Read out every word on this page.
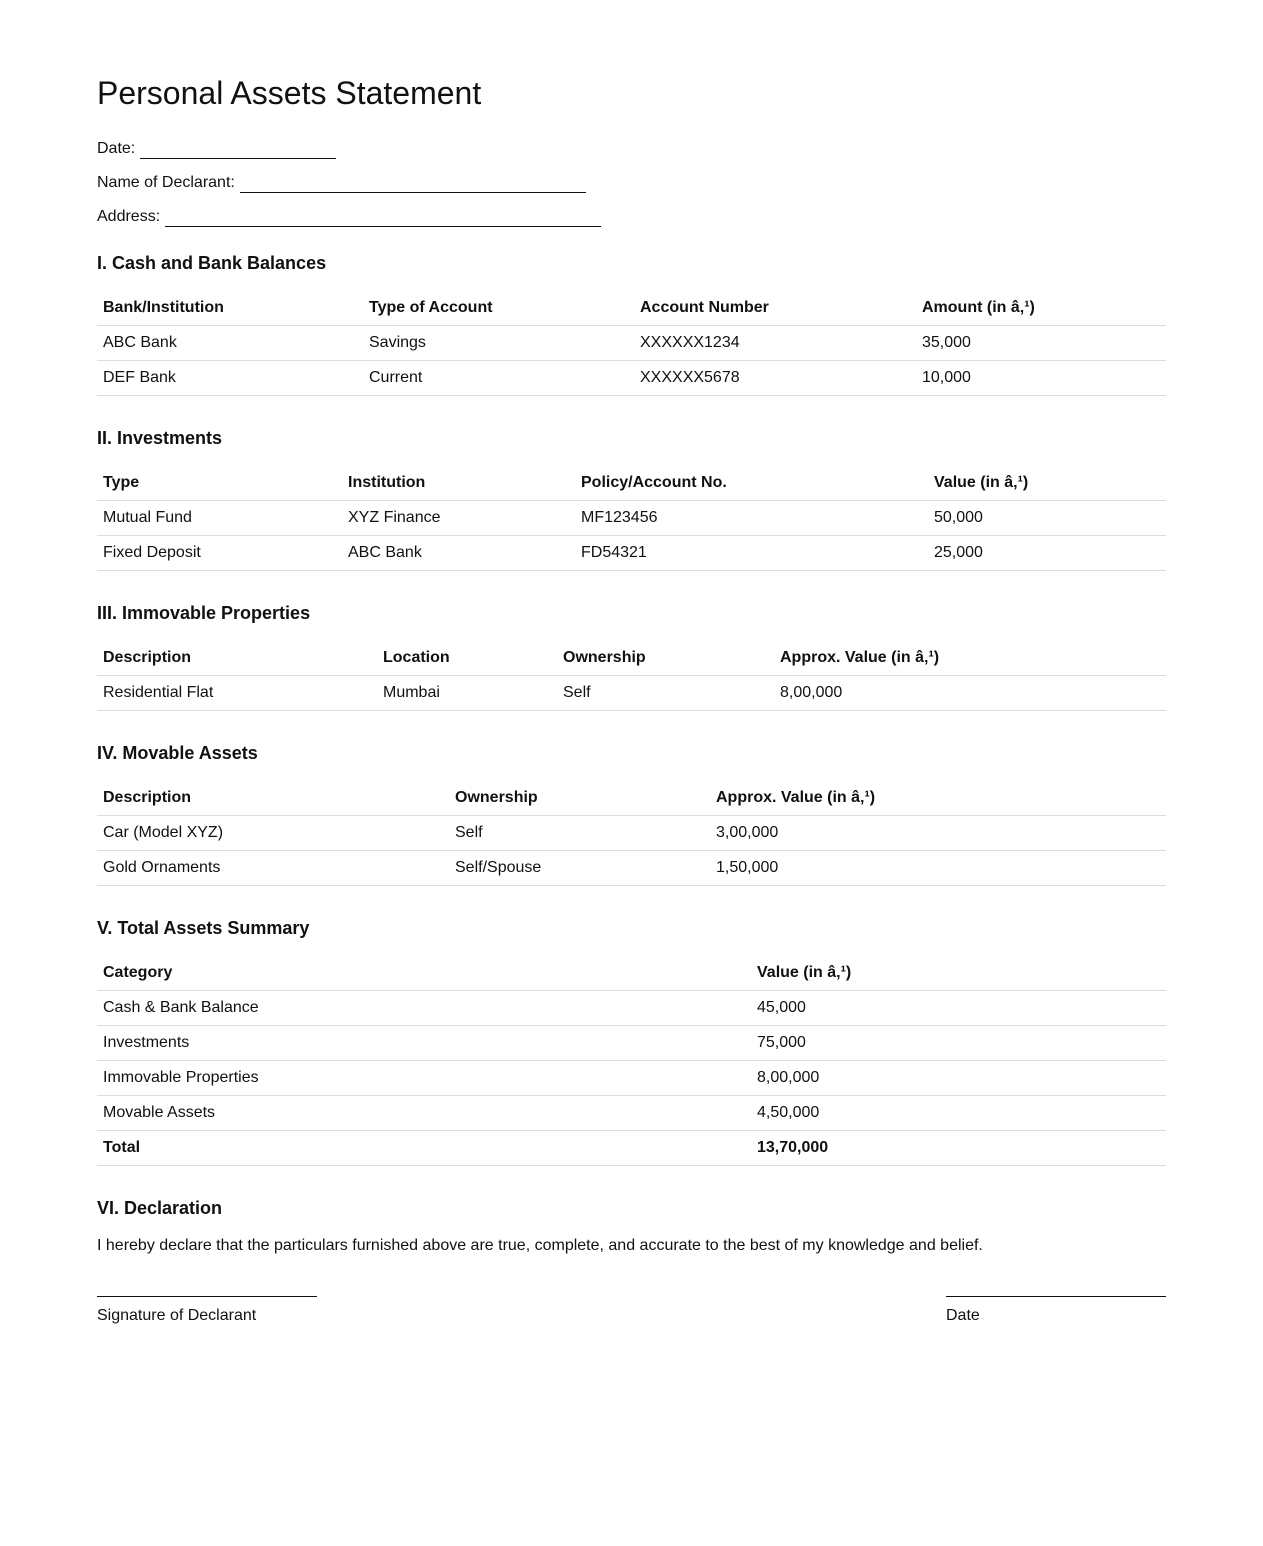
Personal Assets Statement
Date:
Name of Declarant:
Address:
I. Cash and Bank Balances
Bank/Institution	Type of Account	Account Number	Amount (in â‚¹)
ABC Bank	Savings	XXXXXX1234	35,000
DEF Bank	Current	XXXXXX5678	10,000
II. Investments
Type	Institution	Policy/Account No.	Value (in â‚¹)
Mutual Fund	XYZ Finance	MF123456	50,000
Fixed Deposit	ABC Bank	FD54321	25,000
III. Immovable Properties
Description	Location	Ownership	Approx. Value (in â‚¹)
Residential Flat	Mumbai	Self	8,00,000
IV. Movable Assets
Description	Ownership	Approx. Value (in â‚¹)
Car (Model XYZ)	Self	3,00,000
Gold Ornaments	Self/Spouse	1,50,000
V. Total Assets Summary
Category	Value (in â‚¹)
Cash & Bank Balance	45,000
Investments	75,000
Immovable Properties	8,00,000
Movable Assets	4,50,000
Total	13,70,000
VI. Declaration

I hereby declare that the particulars furnished above are true, complete, and accurate to the best of my knowledge and belief.

Signature of Declarant	Date
